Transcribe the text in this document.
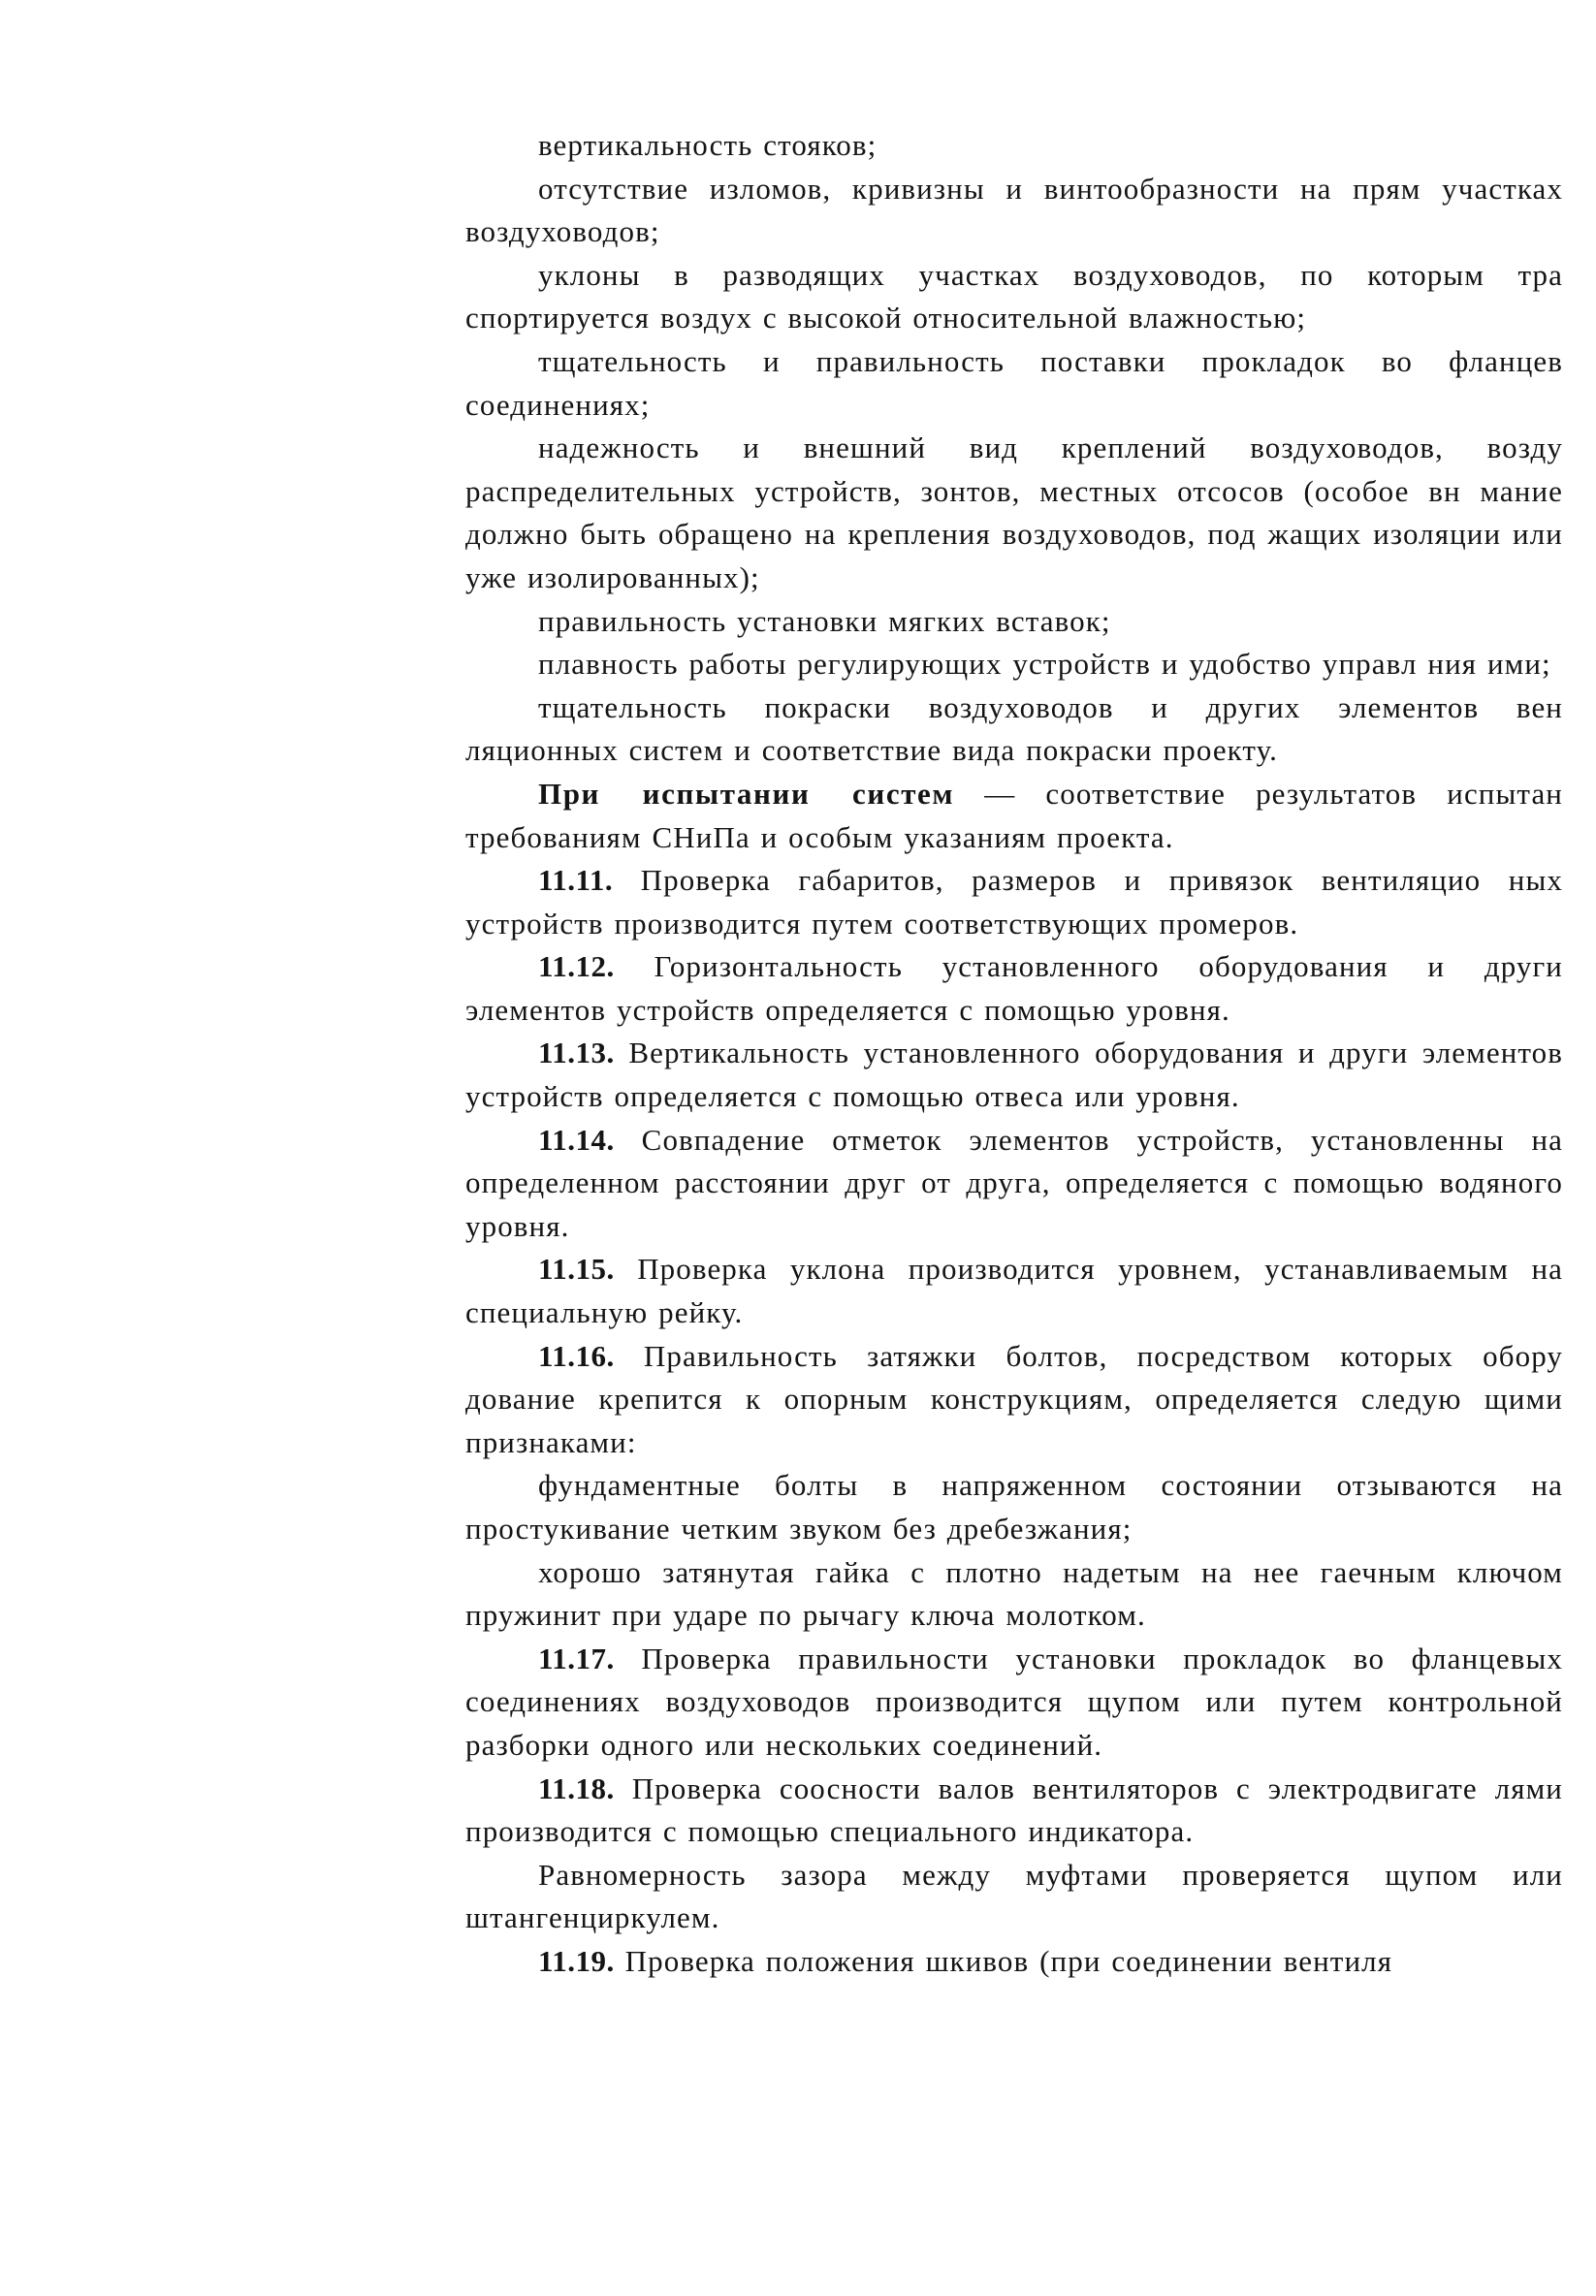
вертикальность стояков;

отсутствие изломов, кривизны и винтообразности на прям участках воздуховодов;

уклоны в разводящих участках воздуховодов, по которым тра спортируется воздух с высокой относительной влажностью;

тщательность и правильность поставки прокладок во фланцев соединениях;

надежность и внешний вид креплений воздуховодов, возду распределительных устройств, зонтов, местных отсосов (особое вн мание должно быть обращено на крепления воздуховодов, под жащих изоляции или уже изолированных);

правильность установки мягких вставок;

плавность работы регулирующих устройств и удобство управл ния ими;

тщательность покраски воздуховодов и других элементов вен ляционных систем и соответствие вида покраски проекту.

При испытании систем — соответствие результатов испытан требованиям СНиПа и особым указаниям проекта.

11.11. Проверка габаритов, размеров и привязок вентиляцио ных устройств производится путем соответствующих промеров.

11.12. Горизонтальность установленного оборудования и други элементов устройств определяется с помощью уровня.

11.13. Вертикальность установленного оборудования и други элементов устройств определяется с помощью отвеса или уровня.

11.14. Совпадение отметок элементов устройств, установленны на определенном расстоянии друг от друга, определяется с помощью водяного уровня.

11.15. Проверка уклона производится уровнем, устанавливаемым на специальную рейку.

11.16. Правильность затяжки болтов, посредством которых обору дование крепится к опорным конструкциям, определяется следую щими признаками:

фундаментные болты в напряженном состоянии отзываются на простукивание четким звуком без дребезжания;

хорошо затянутая гайка с плотно надетым на нее гаечным ключом пружинит при ударе по рычагу ключа молотком.

11.17. Проверка правильности установки прокладок во фланцевых соединениях воздуховодов производится щупом или путем контрольной разборки одного или нескольких соединений.

11.18. Проверка соосности валов вентиляторов с электродвигате лями производится с помощью специального индикатора.

Равномерность зазора между муфтами проверяется щупом или штангенциркулем.

11.19. Проверка положения шкивов (при соединении вентиля
